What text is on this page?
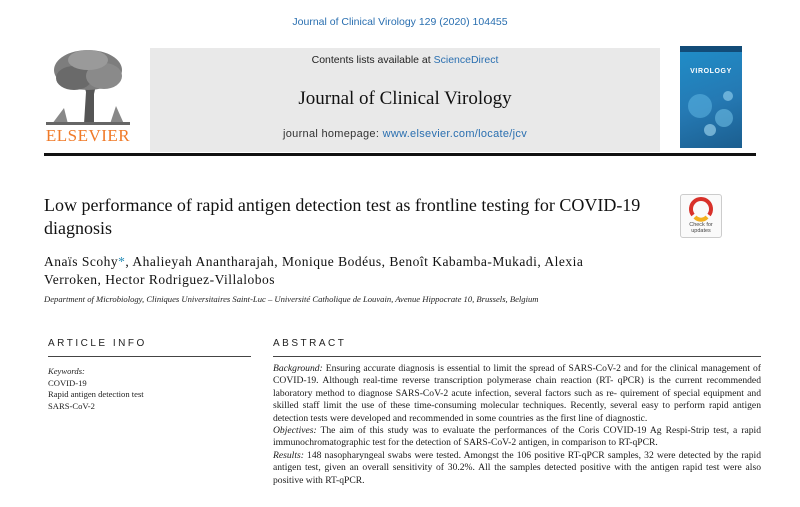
Journal of Clinical Virology 129 (2020) 104455
ELSEVIER
Contents lists available at ScienceDirect
Journal of Clinical Virology
journal homepage: www.elsevier.com/locate/jcv
VIROLOGY
Low performance of rapid antigen detection test as frontline testing for COVID-19 diagnosis	Check for updates
Anaïs Scohy*, Ahalieyah Anantharajah, Monique Bodéus, Benoît Kabamba-Mukadi, Alexia Verroken, Hector Rodriguez-Villalobos
Department of Microbiology, Cliniques Universitaires Saint-Luc – Université Catholique de Louvain, Avenue Hippocrate 10, Brussels, Belgium
ARTICLE INFO	ABSTRACT
Keywords:
COVID-19
Rapid antigen detection test
SARS-CoV-2

Background: Ensuring accurate diagnosis is essential to limit the spread of SARS-CoV-2 and for the clinical management of COVID-19. Although real-time reverse transcription polymerase chain reaction (RT- qPCR) is the current recommended laboratory method to diagnose SARS-CoV-2 acute infection, several factors such as re- quirement of special equipment and skilled staff limit the use of these time-consuming molecular techniques. Recently, several easy to perform rapid antigen detection tests were developed and recommended in some countries as the first line of diagnostic.

Objectives: The aim of this study was to evaluate the performances of the Coris COVID-19 Ag Respi-Strip test, a rapid immunochromatographic test for the detection of SARS-CoV-2 antigen, in comparison to RT-qPCR.

Results: 148 nasopharyngeal swabs were tested. Amongst the 106 positive RT-qPCR samples, 32 were detected by the rapid antigen test, given an overall sensitivity of 30.2%. All the samples detected positive with the antigen rapid test were also positive with RT-qPCR.
